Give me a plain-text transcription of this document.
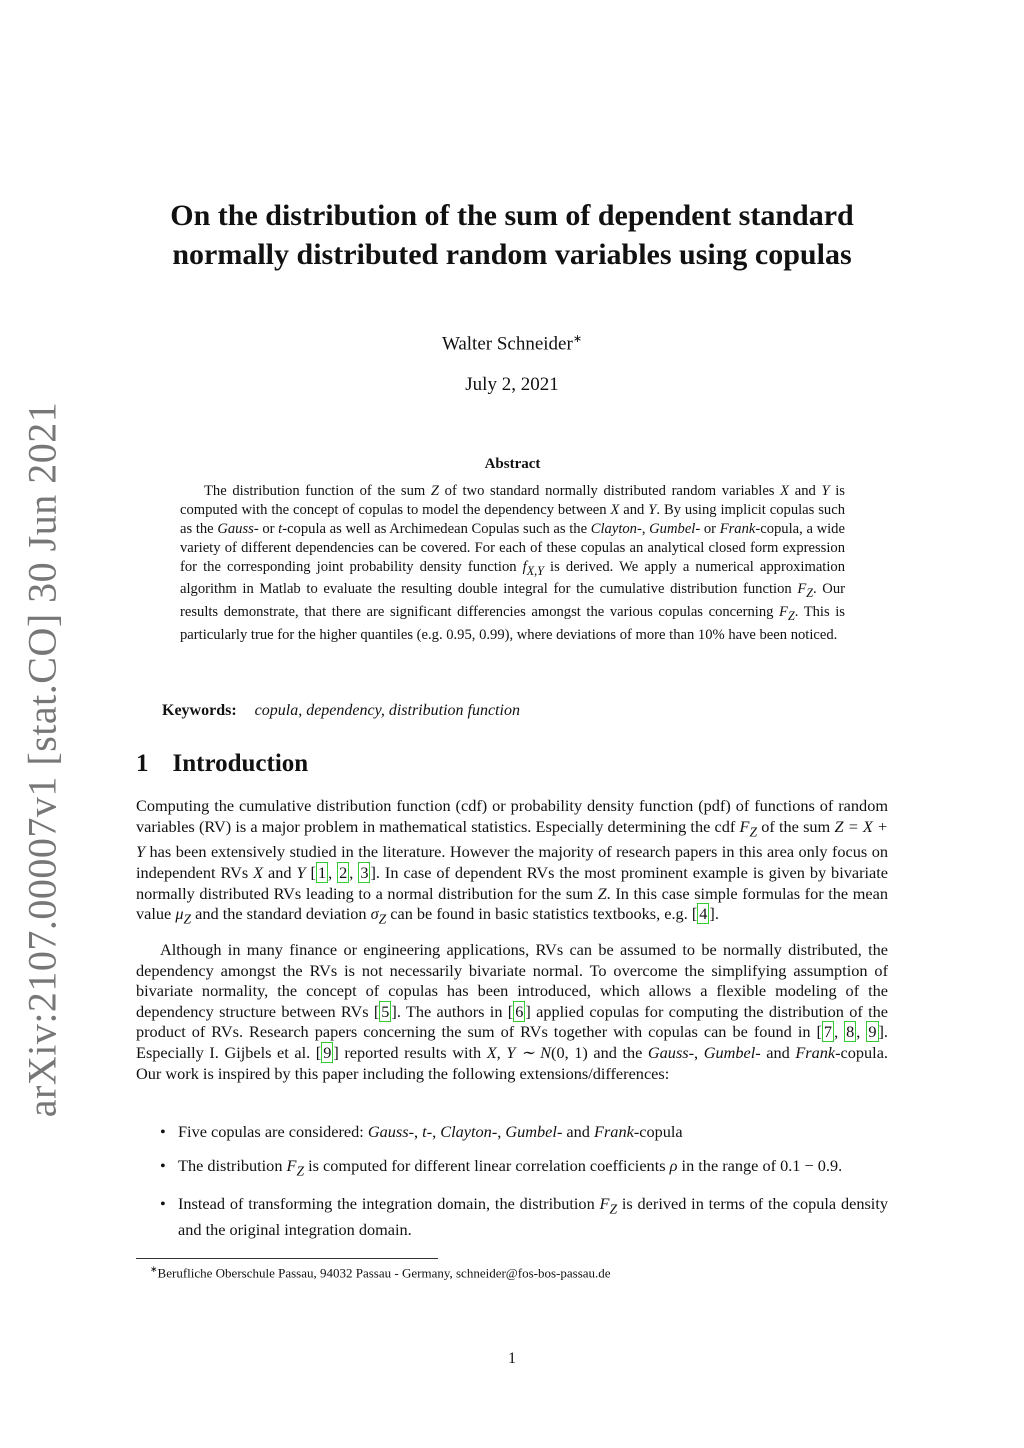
arXiv:2107.00007v1 [stat.CO] 30 Jun 2021
On the distribution of the sum of dependent standard normally distributed random variables using copulas
Walter Schneider∗
July 2, 2021
Abstract

The distribution function of the sum Z of two standard normally distributed random variables X and Y is computed with the concept of copulas to model the dependency between X and Y. By using implicit copulas such as the Gauss- or t-copula as well as Archimedean Copulas such as the Clayton-, Gumbel- or Frank-copula, a wide variety of different dependencies can be covered. For each of these copulas an analytical closed form expression for the corresponding joint probability density function $f_{X,Y}$ is derived. We apply a numerical approximation algorithm in Matlab to evaluate the resulting double integral for the cumulative distribution function $F_Z$. Our results demonstrate, that there are significant differencies amongst the various copulas concerning $F_Z$. This is particularly true for the higher quantiles (e.g. 0.95, 0.99), where deviations of more than 10% have been noticed.

Keywords: copula, dependency, distribution function
1 Introduction

Computing the cumulative distribution function (cdf) or probability density function (pdf) of functions of random variables (RV) is a major problem in mathematical statistics. Especially determining the cdf $F_Z$ of the sum Z = X + Y has been extensively studied in the literature. However the majority of research papers in this area only focus on independent RVs X and Y [ 1 , 2 , 3 ]. In case of dependent RVs the most prominent example is given by bivariate normally distributed RVs leading to a normal distribution for the sum Z. In this case simple formulas for the mean value $\mu_Z$ and the standard deviation $\sigma_Z$ can be found in basic statistics textbooks, e.g. [ 4 ].

Although in many finance or engineering applications, RVs can be assumed to be normally distributed, the dependency amongst the RVs is not necessarily bivariate normal. To overcome the simplifying assumption of bivariate normality, the concept of copulas has been introduced, which allows a flexible modeling of the dependency structure between RVs [ 5 ]. The authors in [ 6 ] applied copulas for computing the distribution of the product of RVs. Research papers concerning the sum of RVs together with copulas can be found in [ 7 , 8 , 9 ]. Especially I. Gijbels et al. [ 9 ] reported results with X, Y ∼ N(0, 1) and the Gauss-, Gumbel- and Frank-copula. Our work is inspired by this paper including the following extensions/differences:

• Five copulas are considered: Gauss-, t-, Clayton-, Gumbel- and Frank-copula
• The distribution $F_Z$ is computed for different linear correlation coefficients ρ in the range of 0.1 − 0.9.
• Instead of transforming the integration domain, the distribution $F_Z$ is derived in terms of the copula density and the original integration domain.
∗Berufliche Oberschule Passau, 94032 Passau - Germany, schneider@fos-bos-passau.de
1
